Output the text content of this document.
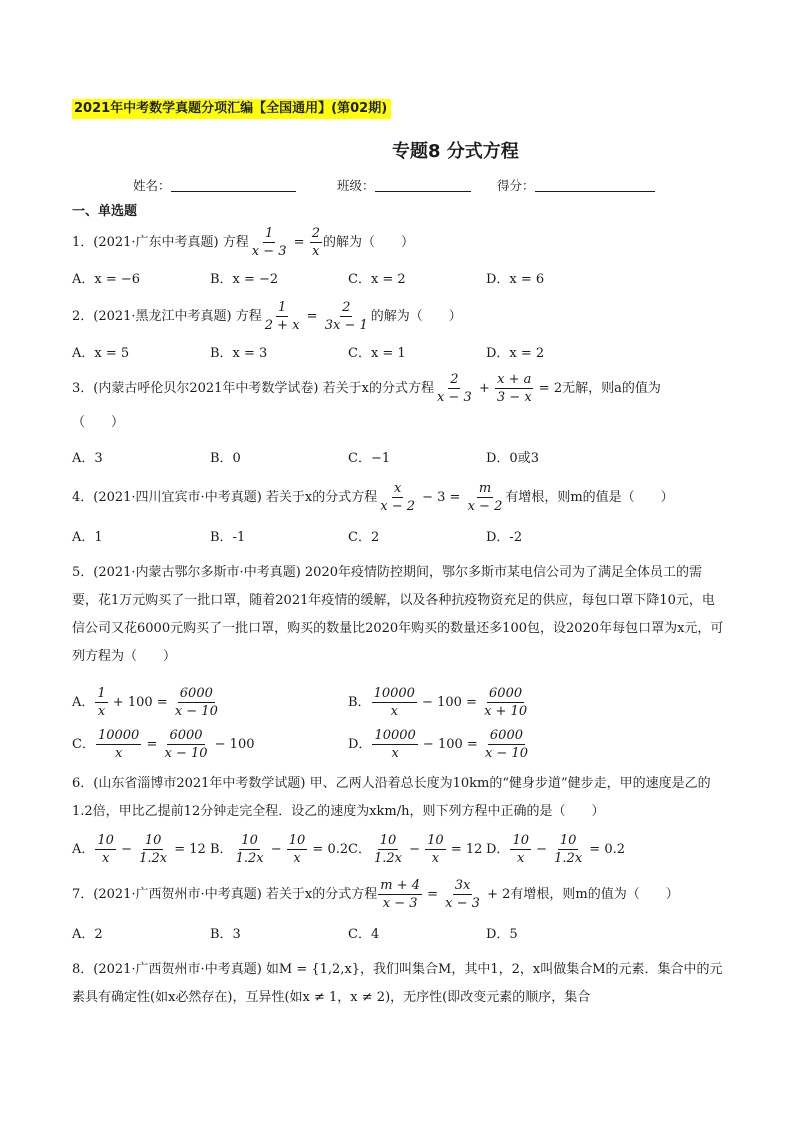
2021年中考数学真题分项汇编【全国通用】(第02期)
专题8 分式方程
姓名：	班级：	得分：
一、单选题
1．(2021·广东中考真题) 方程 $\frac{1}{x - 3} = \frac{2}{x}$ 的解为（　　）
A．x = −6	B．x = −2	C．x = 2	D．x = 6
2．(2021·黑龙江中考真题) 方程 $\frac{1}{2 + x} = \frac{2}{3x - 1}$ 的解为（　　）
A．x = 5	B．x = 3	C．x = 1	D．x = 2
3．(内蒙古呼伦贝尔2021年中考数学试卷) 若关于x的分式方程 $\frac{2}{x - 3} + \frac{x + a}{3 - x} = 2$无解，则a的值为
（　　）
A．3	B．0	C．−1	D．0或3
4．(2021·四川宜宾市·中考真题) 若关于x的分式方程 $\frac{x}{x - 2} - 3 = \frac{m}{x - 2}$ 有增根，则m的值是（　　）
A．1	B．-1	C．2	D．-2
5．(2021·内蒙古鄂尔多斯市·中考真题) 2020年疫情防控期间，鄂尔多斯市某电信公司为了满足全体员工的需要，花1万元购买了一批口罩，随着2021年疫情的缓解，以及各种抗疫物资充足的供应，每包口罩下降10元，电信公司又花6000元购买了一批口罩，购买的数量比2020年购买的数量还多100包，设2020年每包口罩为x元，可列方程为（　　）
A． $\frac{1}{x} + 100 = \frac{6000}{x - 10}$	B． $\frac{10000}{x} - 100 = \frac{6000}{x + 10}$
C． $\frac{10000}{x} = \frac{6000}{x - 10} - 100$	D． $\frac{10000}{x} - 100 = \frac{6000}{x - 10}$
6．(山东省淄博市2021年中考数学试题) 甲、乙两人沿着总长度为10km的“健身步道”健步走，甲的速度是乙的1.2倍，甲比乙提前12分钟走完全程．设乙的速度为xkm/h，则下列方程中正确的是（　　）
A． $\frac{10}{x} - \frac{10}{1.2x} = 12$ B． $\frac{10}{1.2x} - \frac{10}{x} = 0.2$ C． $\frac{10}{1.2x} - \frac{10}{x} = 12$ D． $\frac{10}{x} - \frac{10}{1.2x} = 0.2$
7．(2021·广西贺州市·中考真题) 若关于x的分式方程 $\frac{m + 4}{x - 3} = \frac{3x}{x - 3} + 2$有增根，则m的值为（　　）
A．2	B．3	C．4	D．5
8．(2021·广西贺州市·中考真题) 如M = {1,2,x}，我们叫集合M，其中1，2，x叫做集合M的元素．集合中的元素具有确定性(如x必然存在)，互异性(如x ≠ 1，x ≠ 2)，无序性(即改变元素的顺序，集合
